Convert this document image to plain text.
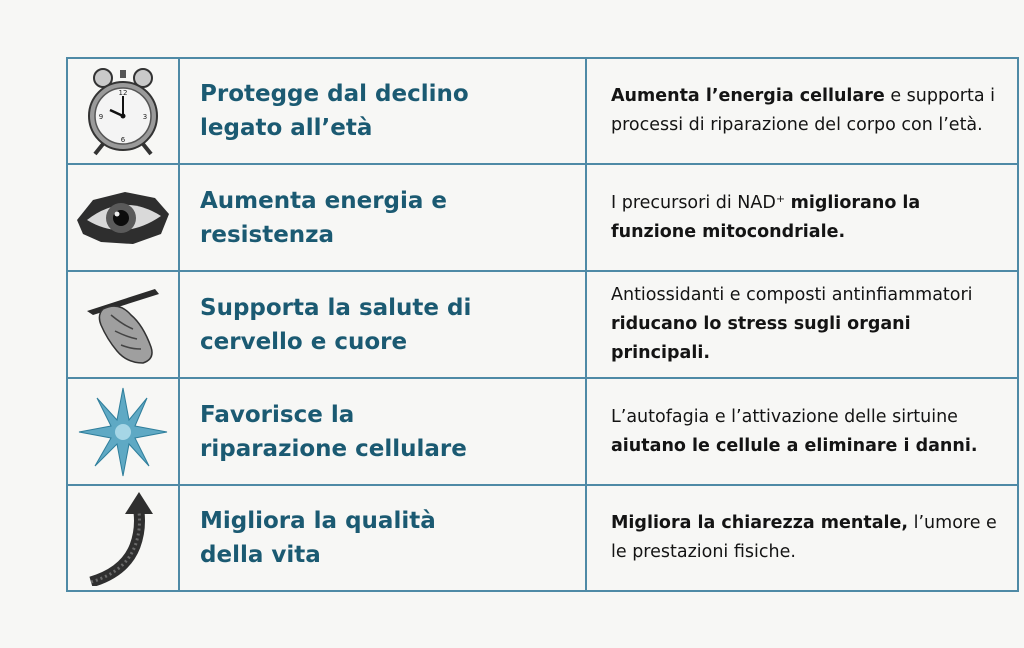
12
3
6
9	Protegge dal declino legato all’età	Aumenta l’energia cellulare e supporta i processi di riparazione del corpo con l’età.

Aumenta energia e resistenza	I precursori di NAD⁺ migliorano la funzione mitocondriale.

Supporta la salute di cervello e cuore	Antiossidanti e composti antinfiammatori riducano lo stress sugli organi principali.

Favorisce la riparazione cellulare	L’autofagia e l’attivazione delle sirtuine aiutano le cellule a eliminare i danni.

Migliora la qualità della vita	Migliora la chiarezza mentale, l’umore e le prestazioni fisiche.
